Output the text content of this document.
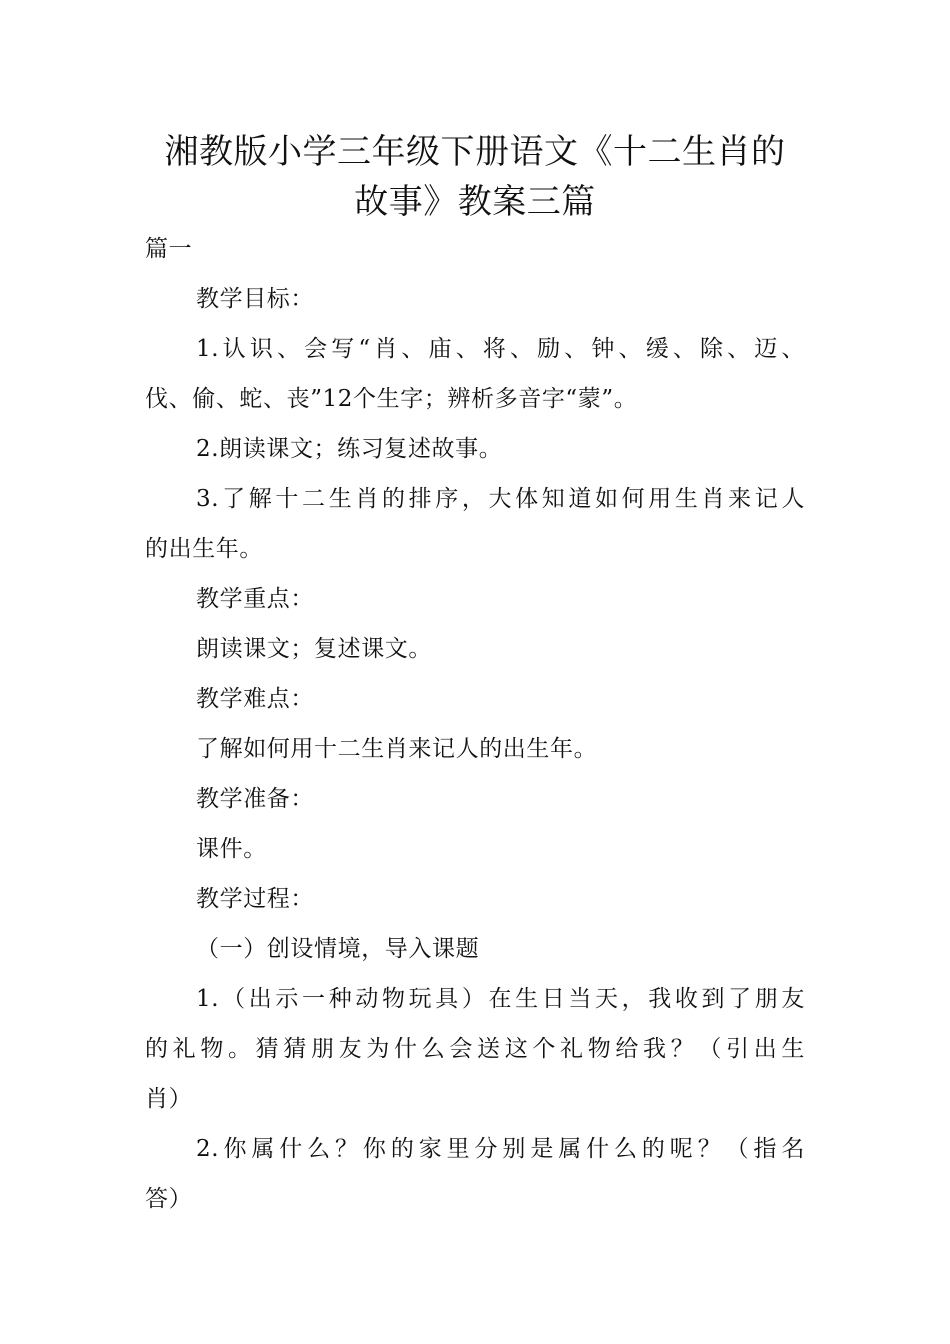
湘教版小学三年级下册语文《十二生肖的
故事》教案三篇
篇一
教学目标：
1.认识、会写“肖、庙、将、励、钟、缓、除、迈、
伐、偷、蛇、丧”12个生字；辨析多音字“蒙”。
2.朗读课文；练习复述故事。
3.了解十二生肖的排序，大体知道如何用生肖来记人
的出生年。
教学重点：
朗读课文；复述课文。
教学难点：
了解如何用十二生肖来记人的出生年。
教学准备：
课件。
教学过程：
（一）创设情境，导入课题
1.（出示一种动物玩具）在生日当天，我收到了朋友
的礼物。猜猜朋友为什么会送这个礼物给我？（引出生
肖）
2.你属什么？你的家里分别是属什么的呢？（指名
答）
